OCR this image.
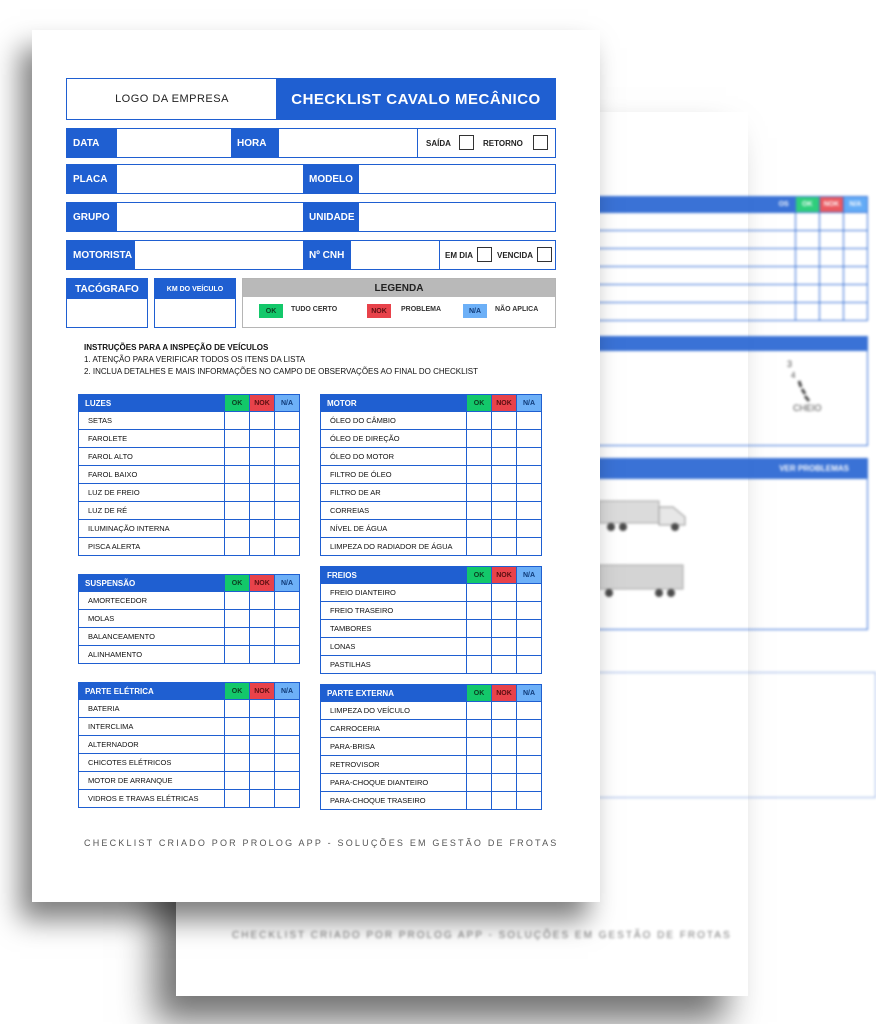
OS	OK	NOK	N/A

3
4
CHEIO
VER PROBLEMAS
CHECKLIST CRIADO POR PROLOG APP - SOLUÇÕES EM GESTÃO DE FROTAS
LOGO DA EMPRESA	CHECKLIST CAVALO MECÂNICO
DATA	HORA	SAÍDA	RETORNO
PLACA	MODELO
GRUPO	UNIDADE
MOTORISTA	Nº CNH	EM DIA	VENCIDA
TACÓGRAFO	KM DO VEÍCULO	LEGENDA
OK	TUDO CERTO	NOK	PROBLEMA	N/A	NÃO APLICA
INSTRUÇÕES PARA A INSPEÇÃO DE VEÍCULOS
1. ATENÇÃO PARA VERIFICAR TODOS OS ITENS DA LISTA
2. INCLUA DETALHES E MAIS INFORMAÇÕES NO CAMPO DE OBSERVAÇÕES AO FINAL DO CHECKLIST
LUZES	OK	NOK	N/A
SETAS
FAROLETE
FAROL ALTO
FAROL BAIXO
LUZ DE FREIO
LUZ DE RÉ
ILUMINAÇÃO INTERNA
PISCA ALERTA
MOTOR	OK	NOK	N/A
ÓLEO DO CÂMBIO
ÓLEO DE DIREÇÃO
ÓLEO DO MOTOR
FILTRO DE ÓLEO
FILTRO DE AR
CORREIAS
NÍVEL DE ÁGUA
LIMPEZA DO RADIADOR DE ÁGUA
SUSPENSÃO	OK	NOK	N/A
AMORTECEDOR
MOLAS
BALANCEAMENTO
ALINHAMENTO
FREIOS	OK	NOK	N/A
FREIO DIANTEIRO
FREIO TRASEIRO
TAMBORES
LONAS
PASTILHAS
PARTE ELÉTRICA	OK	NOK	N/A
BATERIA
INTERCLIMA
ALTERNADOR
CHICOTES ELÉTRICOS
MOTOR DE ARRANQUE
VIDROS E TRAVAS ELÉTRICAS
PARTE EXTERNA	OK	NOK	N/A
LIMPEZA DO VEÍCULO
CARROCERIA
PARA-BRISA
RETROVISOR
PARA-CHOQUE DIANTEIRO
PARA-CHOQUE TRASEIRO
CHECKLIST CRIADO POR PROLOG APP - SOLUÇÕES EM GESTÃO DE FROTAS
